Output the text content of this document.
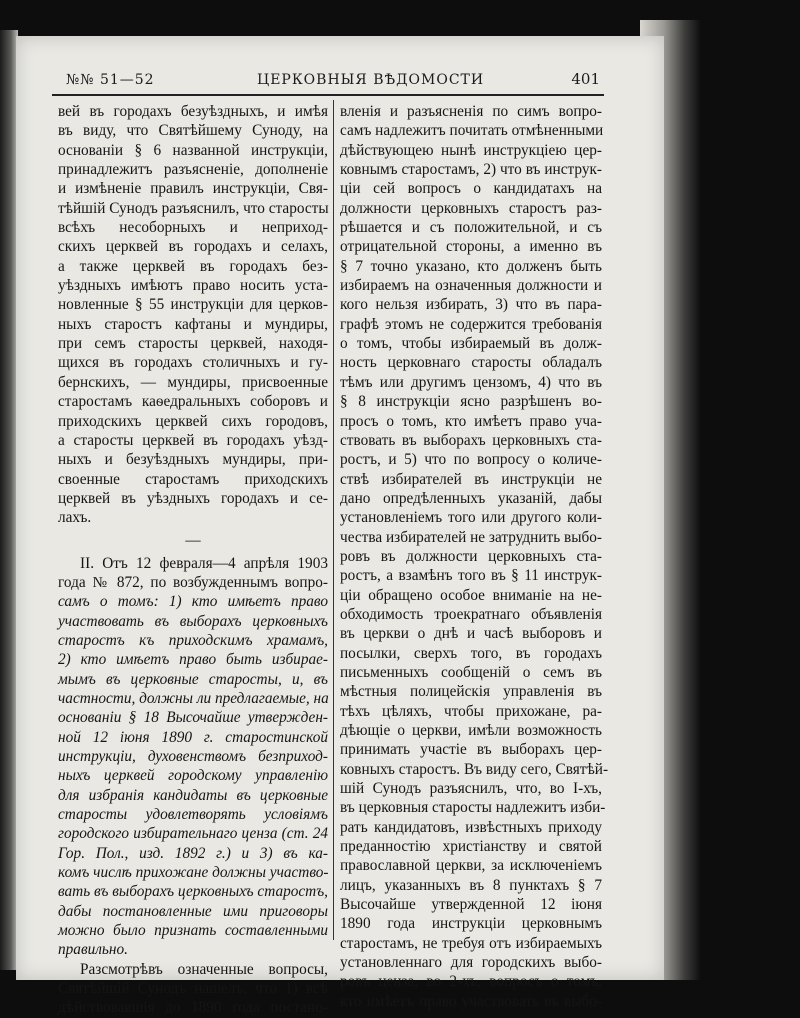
№№ 51—52	ЦЕРКОВНЫЯ ВѢДОМОСТИ	401
вей въ городахъ безуѣздныхъ, и имѣя
въ виду, что Святѣйшему Суноду, на
основаніи § 6 названной инструкціи,
принадлежитъ разъясненіе, дополненіе
и измѣненіе правилъ инструкціи, Свя-
тѣйшій Сунодъ разъяснилъ, что старосты
всѣхъ несоборныхъ и неприход-
скихъ церквей въ городахъ и селахъ,
а также церквей въ городахъ без-
уѣздныхъ имѣютъ право носить уста-
новленные § 55 инструкціи для церков-
ныхъ старостъ кафтаны и мундиры,
при семъ старосты церквей, находя-
щихся въ городахъ столичныхъ и гу-
бернскихъ, — мундиры, присвоенные
старостамъ каѳедральныхъ соборовъ и
приходскихъ церквей сихъ городовъ,
а старосты церквей въ городахъ уѣзд-
ныхъ и безуѣздныхъ мундиры, при-
своенные старостамъ приходскихъ
церквей въ уѣздныхъ городахъ и се-
лахъ.
—
II. Отъ 12 февраля—4 апрѣля 1903
года № 872, по возбужденнымъ вопро-
самъ о томъ: 1) кто имѣетъ право
участвовать въ выборахъ церковныхъ
старостъ къ приходскимъ храмамъ,
2) кто имѣетъ право быть избирае-
мымъ въ церковные старосты, и, въ
частности, должны ли предлагаемые, на
основаніи § 18 Высочайше утвержден-
ной 12 іюня 1890 г. старостинской
инструкціи, духовенствомъ безприход-
ныхъ церквей городскому управленію
для избранія кандидаты въ церковные
старосты удовлетворять условіямъ
городского избирательнаго ценза (ст. 24
Гор. Пол., изд. 1892 г.) и 3) въ ка-
комъ числѣ прихожане должны участво-
вать въ выборахъ церковныхъ старостъ,
дабы постановленные ими приговоры
можно было признать составленными
правильно.
Разсмотрѣвъ означенные вопросы,
Святѣйшій Сунодъ нашелъ, что 1) всѣ
дѣйствовавшія до 1890 года постано-
вленія и разъясненія по симъ вопро-
самъ надлежитъ почитать отмѣненными
дѣйствующею нынѣ инструкціею цер-
ковнымъ старостамъ, 2) что въ инструк-
ціи сей вопросъ о кандидатахъ на
должности церковныхъ старостъ раз-
рѣшается и съ положительной, и съ
отрицательной стороны, а именно въ
§ 7 точно указано, кто долженъ быть
избираемъ на означенныя должности и
кого нельзя избирать, 3) что въ пара-
графѣ этомъ не содержится требованія
о томъ, чтобы избираемый въ долж-
ность церковнаго старосты обладалъ
тѣмъ или другимъ цензомъ, 4) что въ
§ 8 инструкціи ясно разрѣшенъ во-
просъ о томъ, кто имѣетъ право уча-
ствовать въ выборахъ церковныхъ ста-
ростъ, и 5) что по вопросу о количе-
ствѣ избирателей въ инструкціи не
дано опредѣленныхъ указаній, дабы
установленіемъ того или другого коли-
чества избирателей не затруднить выбо-
ровъ въ должности церковныхъ ста-
ростъ, а взамѣнъ того въ § 11 инструк-
ціи обращено особое вниманіе на не-
обходимость троекратнаго объявленія
въ церкви о днѣ и часѣ выборовъ и
посылки, сверхъ того, въ городахъ
письменныхъ сообщеній о семъ въ
мѣстныя полицейскія управленія въ
тѣхъ цѣляхъ, чтобы прихожане, ра-
дѣющіе о церкви, имѣли возможность
принимать участіе въ выборахъ цер-
ковныхъ старостъ. Въ виду сего, Святѣй-
шій Сунодъ разъяснилъ, что, во I-хъ,
въ церковныя старосты надлежитъ изби-
рать кандидатовъ, извѣстныхъ приходу
преданностію христіанству и святой
православной церкви, за исключеніемъ
лицъ, указанныхъ въ 8 пунктахъ § 7
Высочайше утвержденной 12 іюня
1890 года инструкціи церковнымъ
старостамъ, не требуя отъ избираемыхъ
установленнаго для городскихъ выбо-
ровъ ценза, во 2-хъ, вопросъ о томъ,
кто имѣетъ право участвовать въ выбо-
